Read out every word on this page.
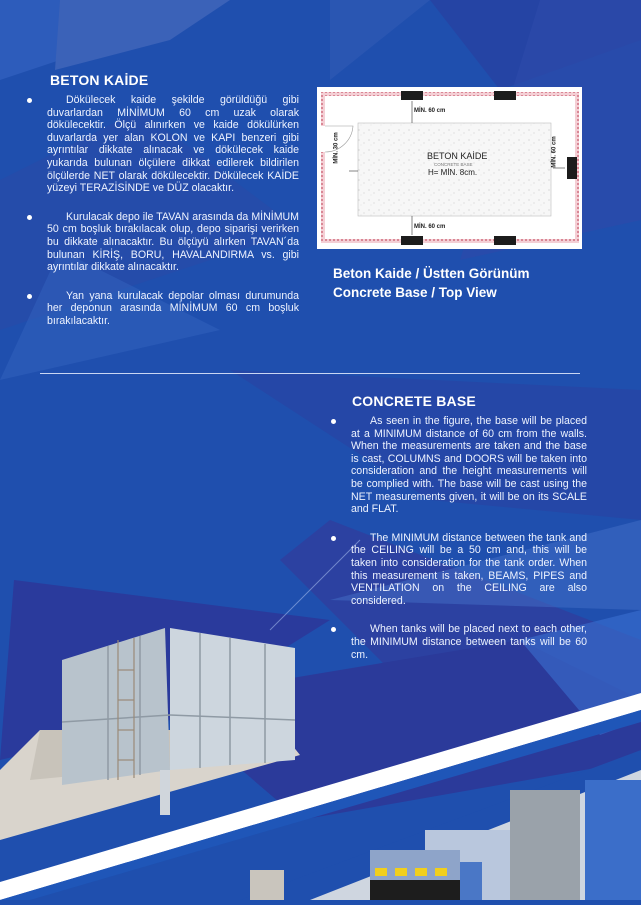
BETON KAİDE
Dökülecek kaide şekilde görüldüğü gibi duvarlardan MİNİMUM 60 cm uzak olarak dökülecektir. Ölçü alınırken ve kaide dökülürken duvarlarda yer alan KOLON ve KAPI benzeri gibi ayrıntılar dikkate alınacak ve dökülecek kaide yukarıda bulunan ölçülere dikkat edilerek bildirilen ölçülerde NET olarak dökülecektir. Dökülecek KAİDE yüzeyi TERAZİSİNDE ve DÜZ olacaktır.
Kurulacak depo ile TAVAN arasında da MİNİMUM 50 cm boşluk bırakılacak olup, depo siparişi verirken bu dikkate alınacaktır. Bu ölçüyü alırken TAVAN´da bulunan KİRİŞ, BORU, HAVALANDIRMA vs. gibi ayrıntılar dikkate alınacaktır.
Yan yana kurulacak depolar olması durumunda her deponun arasında MİNİMUM 60 cm boşluk bırakılacaktır.
MİN. 60 cm
MİN. 60 cm
MİN. 30 cm	MİN. 60 cm
BETON KAİDE
CONCRETE BASE
H= MİN. 8cm.
Beton Kaide / Üstten Görünüm
Concrete Base / Top View
CONCRETE BASE
As seen in the figure, the base will be placed at a MINIMUM distance of 60 cm from the walls. When the measurements are taken and the base is cast, COLUMNS and DOORS will be taken into consideration and the height measurements will be complied with. The base will be cast using the NET measurements given, it will be on its SCALE and FLAT.
The MINIMUM distance between the tank and the CEILING will be a 50 cm and, this will be taken into consideration for the tank order. When this measurement is taken, BEAMS, PIPES and VENTILATION on the CEILING are also considered.
When tanks will be placed next to each other, the MINIMUM distance between tanks will be 60 cm.
